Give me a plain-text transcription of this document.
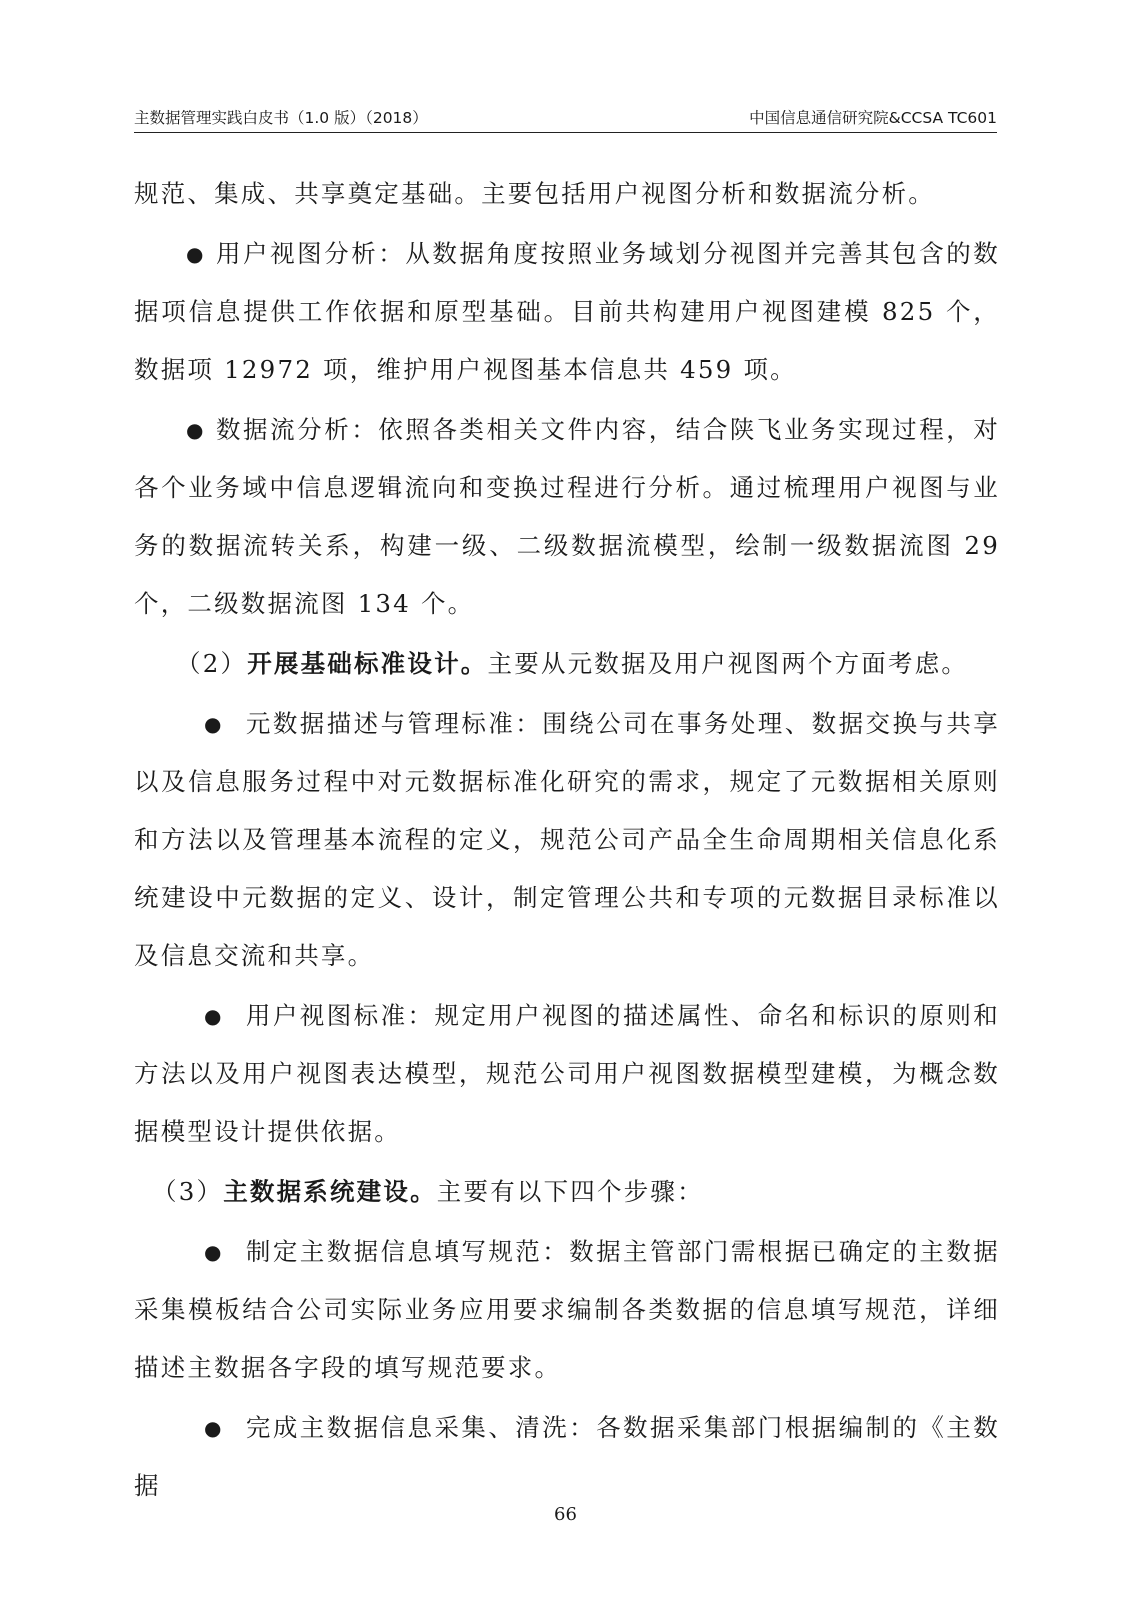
主数据管理实践白皮书（1.0 版）（2018）	中国信息通信研究院&CCSA TC601

规范、集成、共享奠定基础。主要包括用户视图分析和数据流分析。

● 用户视图分析：从数据角度按照业务域划分视图并完善其包含的数据项信息提供工作依据和原型基础。目前共构建用户视图建模 825 个，数据项 12972 项，维护用户视图基本信息共 459 项。

● 数据流分析：依照各类相关文件内容，结合陕飞业务实现过程，对各个业务域中信息逻辑流向和变换过程进行分析。通过梳理用户视图与业务的数据流转关系，构建一级、二级数据流模型，绘制一级数据流图 29 个，二级数据流图 134 个。

（2）开展基础标准设计。主要从元数据及用户视图两个方面考虑。

● 元数据描述与管理标准：围绕公司在事务处理、数据交换与共享以及信息服务过程中对元数据标准化研究的需求，规定了元数据相关原则和方法以及管理基本流程的定义，规范公司产品全生命周期相关信息化系统建设中元数据的定义、设计，制定管理公共和专项的元数据目录标准以及信息交流和共享。

● 用户视图标准：规定用户视图的描述属性、命名和标识的原则和方法以及用户视图表达模型，规范公司用户视图数据模型建模，为概念数据模型设计提供依据。

（3）主数据系统建设。主要有以下四个步骤：

● 制定主数据信息填写规范：数据主管部门需根据已确定的主数据采集模板结合公司实际业务应用要求编制各类数据的信息填写规范，详细描述主数据各字段的填写规范要求。

● 完成主数据信息采集、清洗：各数据采集部门根据编制的《主数据

66
